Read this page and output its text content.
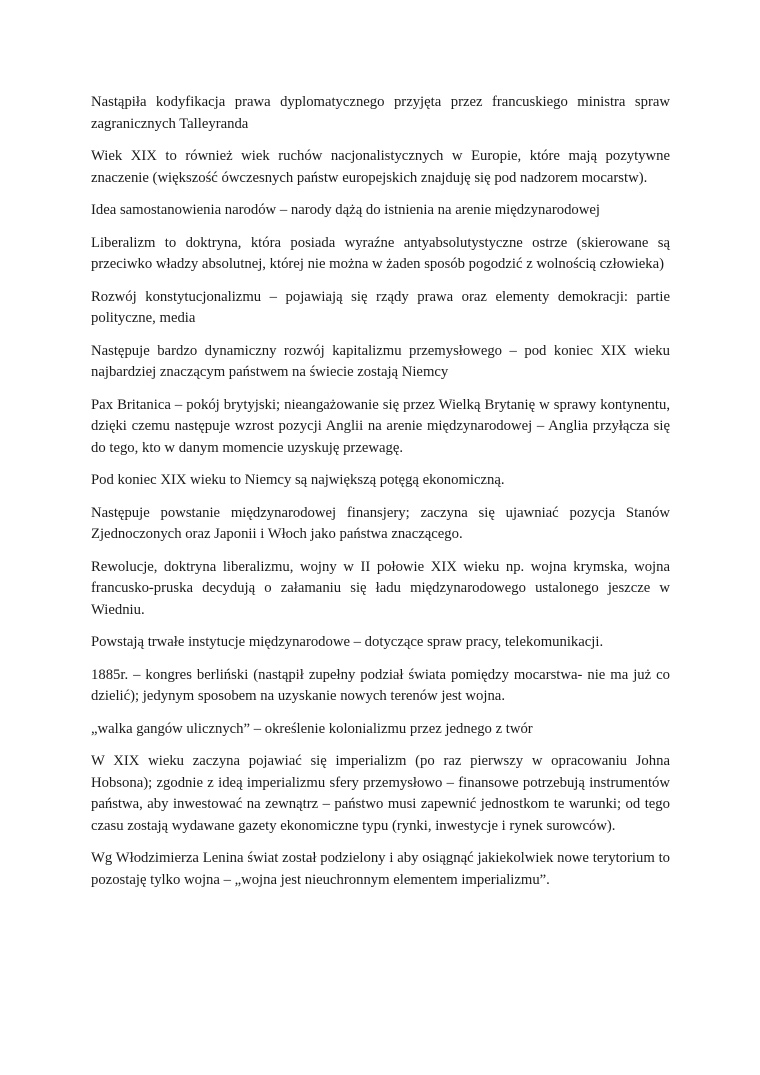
Nastąpiła kodyfikacja prawa dyplomatycznego przyjęta przez francuskiego ministra spraw zagranicznych Talleyranda

Wiek XIX to również wiek ruchów nacjonalistycznych w Europie, które mają pozytywne znaczenie (większość ówczesnych państw europejskich znajduję się pod nadzorem mocarstw).

Idea samostanowienia narodów – narody dążą do istnienia na arenie międzynarodowej

Liberalizm to doktryna, która posiada wyraźne antyabsolutystyczne ostrze (skierowane są przeciwko władzy absolutnej, której nie można w żaden sposób pogodzić z wolnością człowieka)

Rozwój konstytucjonalizmu – pojawiają się rządy prawa oraz elementy demokracji: partie polityczne, media

Następuje bardzo dynamiczny rozwój kapitalizmu przemysłowego – pod koniec XIX wieku najbardziej znaczącym państwem na świecie zostają Niemcy

Pax Britanica – pokój brytyjski; nieangażowanie się przez Wielką Brytanię w sprawy kontynentu, dzięki czemu następuje wzrost pozycji Anglii na arenie międzynarodowej – Anglia przyłącza się do tego, kto w danym momencie uzyskuję przewagę.

Pod koniec XIX wieku to Niemcy są największą potęgą ekonomiczną.

Następuje powstanie międzynarodowej finansjery; zaczyna się ujawniać pozycja Stanów Zjednoczonych oraz Japonii i Włoch jako państwa znaczącego.

Rewolucje, doktryna liberalizmu, wojny w II połowie XIX wieku np. wojna krymska, wojna francusko-pruska decydują o załamaniu się ładu międzynarodowego ustalonego jeszcze w Wiedniu.

Powstają trwałe instytucje międzynarodowe – dotyczące spraw pracy, telekomunikacji.

1885r. – kongres berliński (nastąpił zupełny podział świata pomiędzy mocarstwa- nie ma już co dzielić); jedynym sposobem na uzyskanie nowych terenów jest wojna.

„walka gangów ulicznych” – określenie kolonializmu przez jednego z twór

W XIX wieku zaczyna pojawiać się imperializm (po raz pierwszy w opracowaniu Johna Hobsona); zgodnie z ideą imperializmu sfery przemysłowo – finansowe potrzebują instrumentów państwa, aby inwestować na zewnątrz – państwo musi zapewnić jednostkom te warunki; od tego czasu zostają wydawane gazety ekonomiczne typu (rynki, inwestycje i rynek surowców).

Wg Włodzimierza Lenina świat został podzielony i aby osiągnąć jakiekolwiek nowe terytorium to pozostaję tylko wojna – „wojna jest nieuchronnym elementem imperializmu”.
